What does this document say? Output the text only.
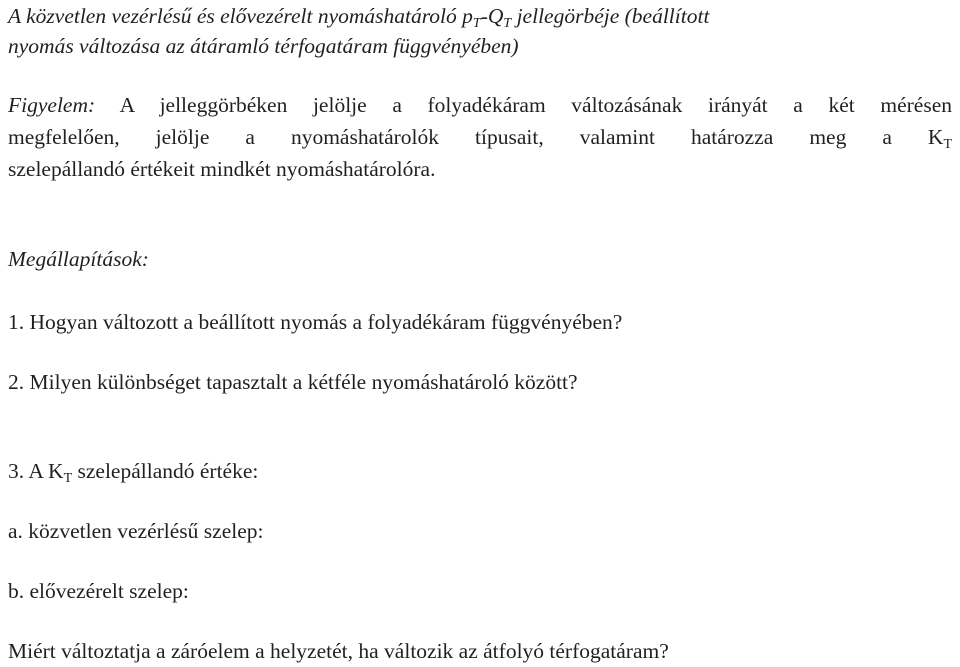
A közvetlen vezérlésű és elővezérelt nyomáshatároló $p_T-Q_T$ jellegörbéje (beállított
nyomás változása az átáramló térfogatáram függvényében)
Figyelem: A jelleggörbéken jelölje a folyadékáram változásának irányát a két mérésen
megfelelően, jelölje a nyomáshatárolók típusait, valamint határozza meg a $K_T$
szelepállandó értékeit mindkét nyomáshatárolóra.
Megállapítások:
1. Hogyan változott a beállított nyomás a folyadékáram függvényében?
2. Milyen különbséget tapasztalt a kétféle nyomáshatároló között?
3. A $K_T$ szelepállandó értéke:
a. közvetlen vezérlésű szelep:
b. elővezérelt szelep:
Miért változtatja a záróelem a helyzetét, ha változik az átfolyó térfogatáram?
